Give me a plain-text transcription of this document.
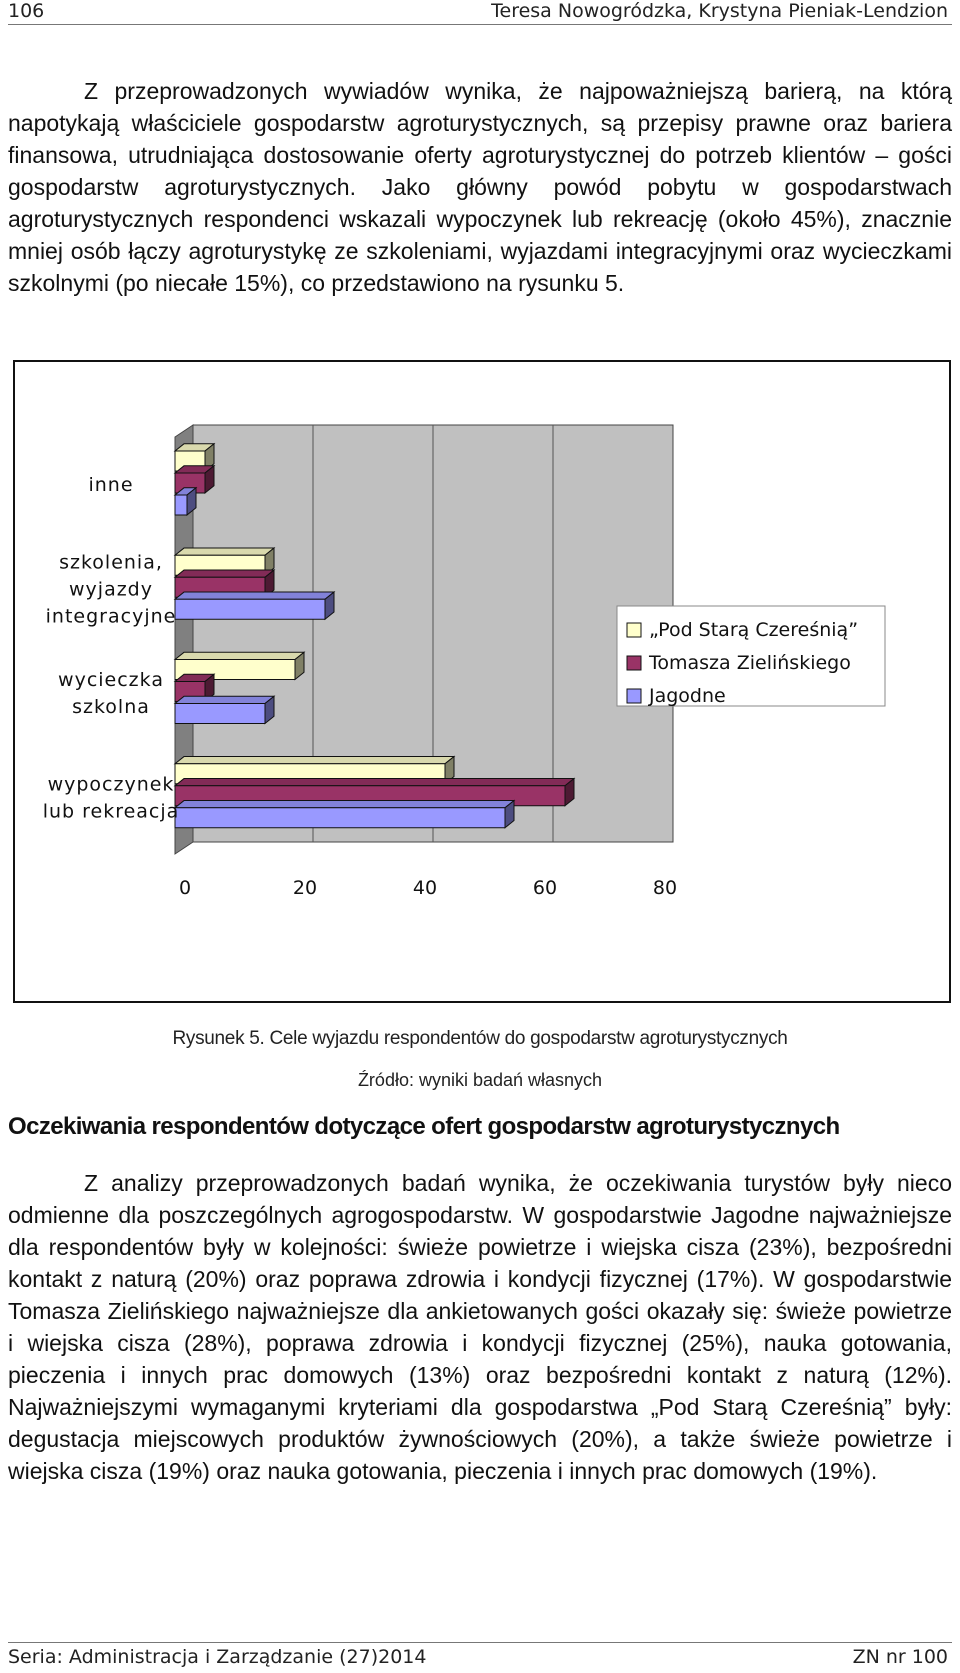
106	Teresa Nowogródzka, Krystyna Pieniak-Lendzion
Z przeprowadzonych wywiadów wynika, że najpoważniejszą barierą, na którą napotykają właściciele gospodarstw agroturystycznych, są przepisy prawne oraz bariera finansowa, utrudniająca dostosowanie oferty agroturystycznej do potrzeb klientów – gości gospodarstw agroturystycznych. Jako główny powód pobytu w gospodarstwach agroturystycznych respondenci wskazali wypoczynek lub rekreację (około 45%), znacznie mniej osób łączy agroturystykę ze szkoleniami, wyjazdami integracyjnymi oraz wycieczkami szkolnymi (po niecałe 15%), co przedstawiono na rysunku 5.
0	20	40	60	80
inne
szkolenia,
wyjazdy
integracyjne
wycieczka
szkolna
wypoczynek
lub rekreacja
„Pod Starą Czereśnią”
Tomasza Zielińskiego
Jagodne
Rysunek 5. Cele wyjazdu respondentów do gospodarstw agroturystycznych
Źródło: wyniki badań własnych
Oczekiwania respondentów dotyczące ofert gospodarstw agroturystycznych
Z analizy przeprowadzonych badań wynika, że oczekiwania turystów były nieco odmienne dla poszczególnych agrogospodarstw. W gospodarstwie Jagodne najważniejsze dla respondentów były w kolejności: świeże powietrze i wiejska cisza (23%), bezpośredni kontakt z naturą (20%) oraz poprawa zdrowia i kondycji fizycznej (17%). W gospodarstwie Tomasza Zielińskiego najważniejsze dla ankietowanych gości okazały się: świeże powietrze i wiejska cisza (28%), poprawa zdrowia i kondycji fizycznej (25%), nauka gotowania, pieczenia i innych prac domowych (13%) oraz bezpośredni kontakt z naturą (12%). Najważniejszymi wymaganymi kryteriami dla gospodarstwa „Pod Starą Czereśnią” były: degustacja miejscowych produktów żywnościowych (20%), a także świeże powietrze i wiejska cisza (19%) oraz nauka gotowania, pieczenia i innych prac domowych (19%).
Seria: Administracja i Zarządzanie (27)2014	ZN nr 100
